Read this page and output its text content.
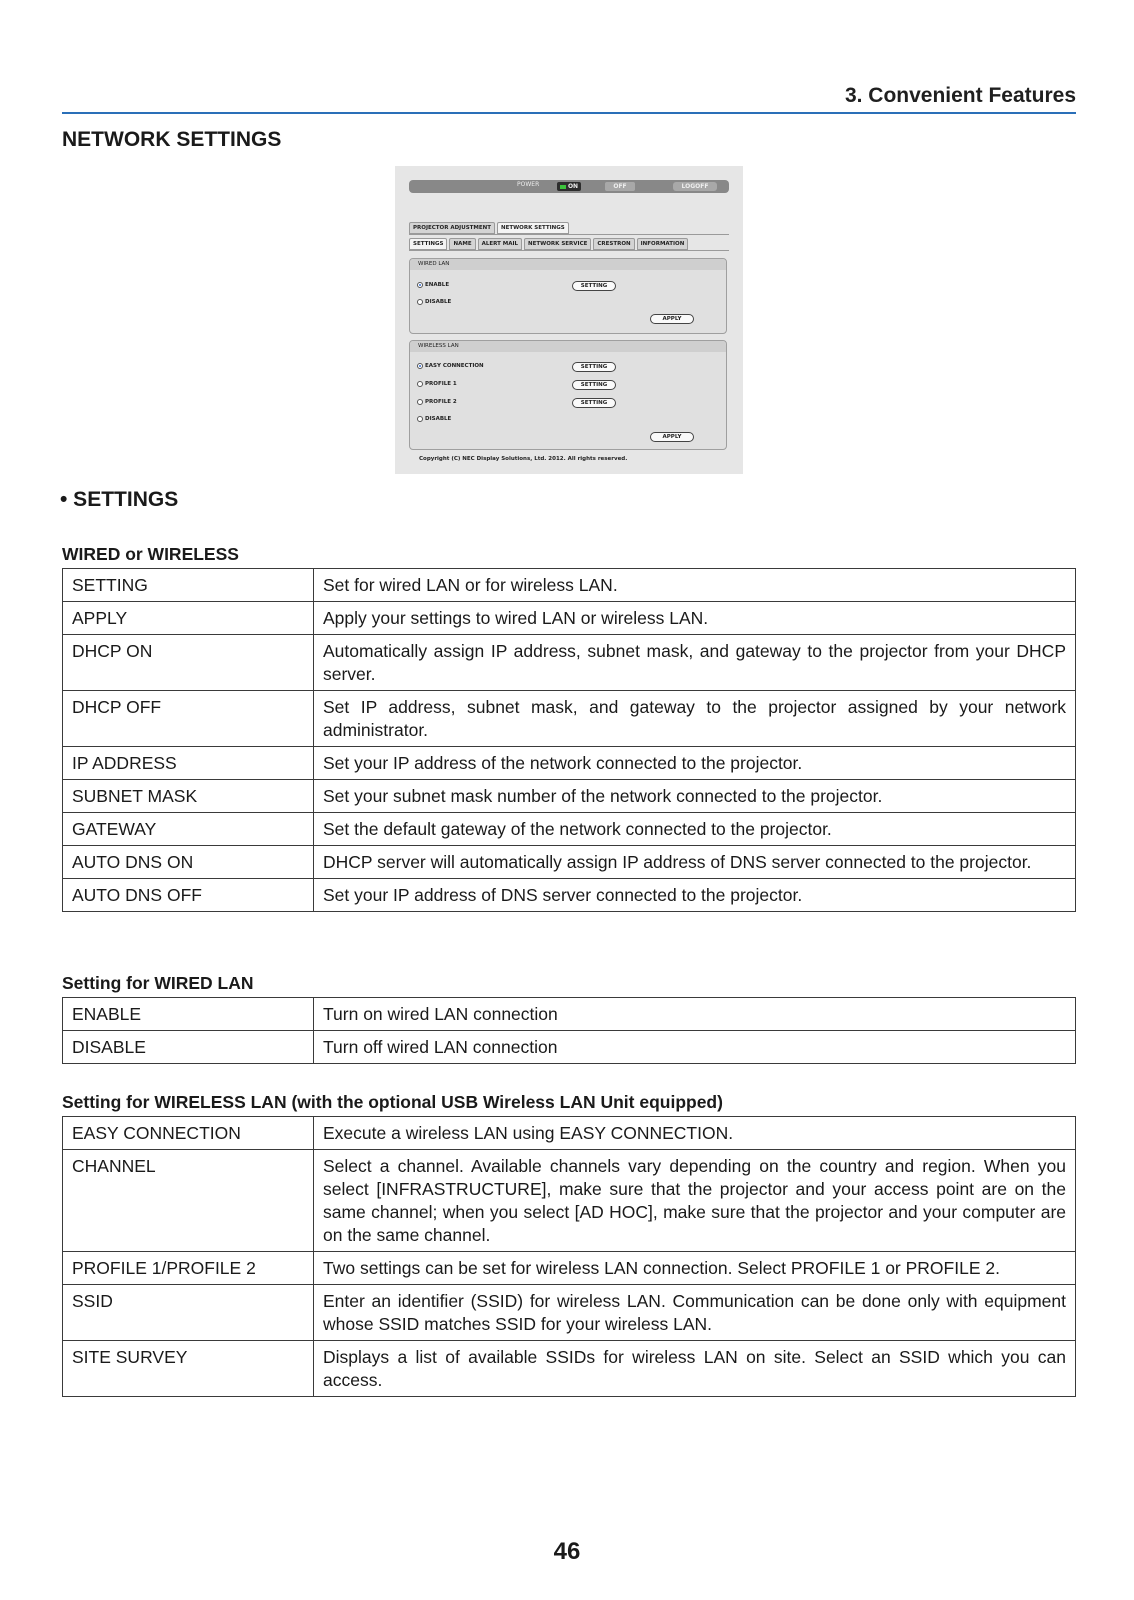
3. Convenient Features
NETWORK SETTINGS
POWER	ON	OFF	LOGOFF
PROJECTOR ADJUSTMENT	NETWORK SETTINGS
SETTINGS	NAME	ALERT MAIL	NETWORK SERVICE	CRESTRON	INFORMATION
WIRED LAN
ENABLE
DISABLE
SETTING
APPLY
WIRELESS LAN
EASY CONNECTION
PROFILE 1
PROFILE 2
DISABLE
SETTING
SETTING
SETTING
APPLY
Copyright (C) NEC Display Solutions, Ltd. 2012. All rights reserved.
• SETTINGS
WIRED or WIRELESS
SETTING	Set for wired LAN or for wireless LAN.
APPLY	Apply your settings to wired LAN or wireless LAN.
DHCP ON	Automatically assign IP address, subnet mask, and gateway to the projector from your DHCP server.
DHCP OFF	Set IP address, subnet mask, and gateway to the projector assigned by your network administrator.
IP ADDRESS	Set your IP address of the network connected to the projector.
SUBNET MASK	Set your subnet mask number of the network connected to the projector.
GATEWAY	Set the default gateway of the network connected to the projector.
AUTO DNS ON	DHCP server will automatically assign IP address of DNS server connected to the projector.
AUTO DNS OFF	Set your IP address of DNS server connected to the projector.
Setting for WIRED LAN
ENABLE	Turn on wired LAN connection
DISABLE	Turn off wired LAN connection
Setting for WIRELESS LAN (with the optional USB Wireless LAN Unit equipped)
EASY CONNECTION	Execute a wireless LAN using EASY CONNECTION.
CHANNEL	Select a channel. Available channels vary depending on the country and region. When you select [INFRASTRUCTURE], make sure that the projector and your access point are on the same channel; when you select [AD HOC], make sure that the projector and your computer are on the same channel.
PROFILE 1/PROFILE 2	Two settings can be set for wireless LAN connection. Select PROFILE 1 or PROFILE 2.
SSID	Enter an identifier (SSID) for wireless LAN. Communication can be done only with equipment whose SSID matches SSID for your wireless LAN.
SITE SURVEY	Displays a list of available SSIDs for wireless LAN on site. Select an SSID which you can access.
46
